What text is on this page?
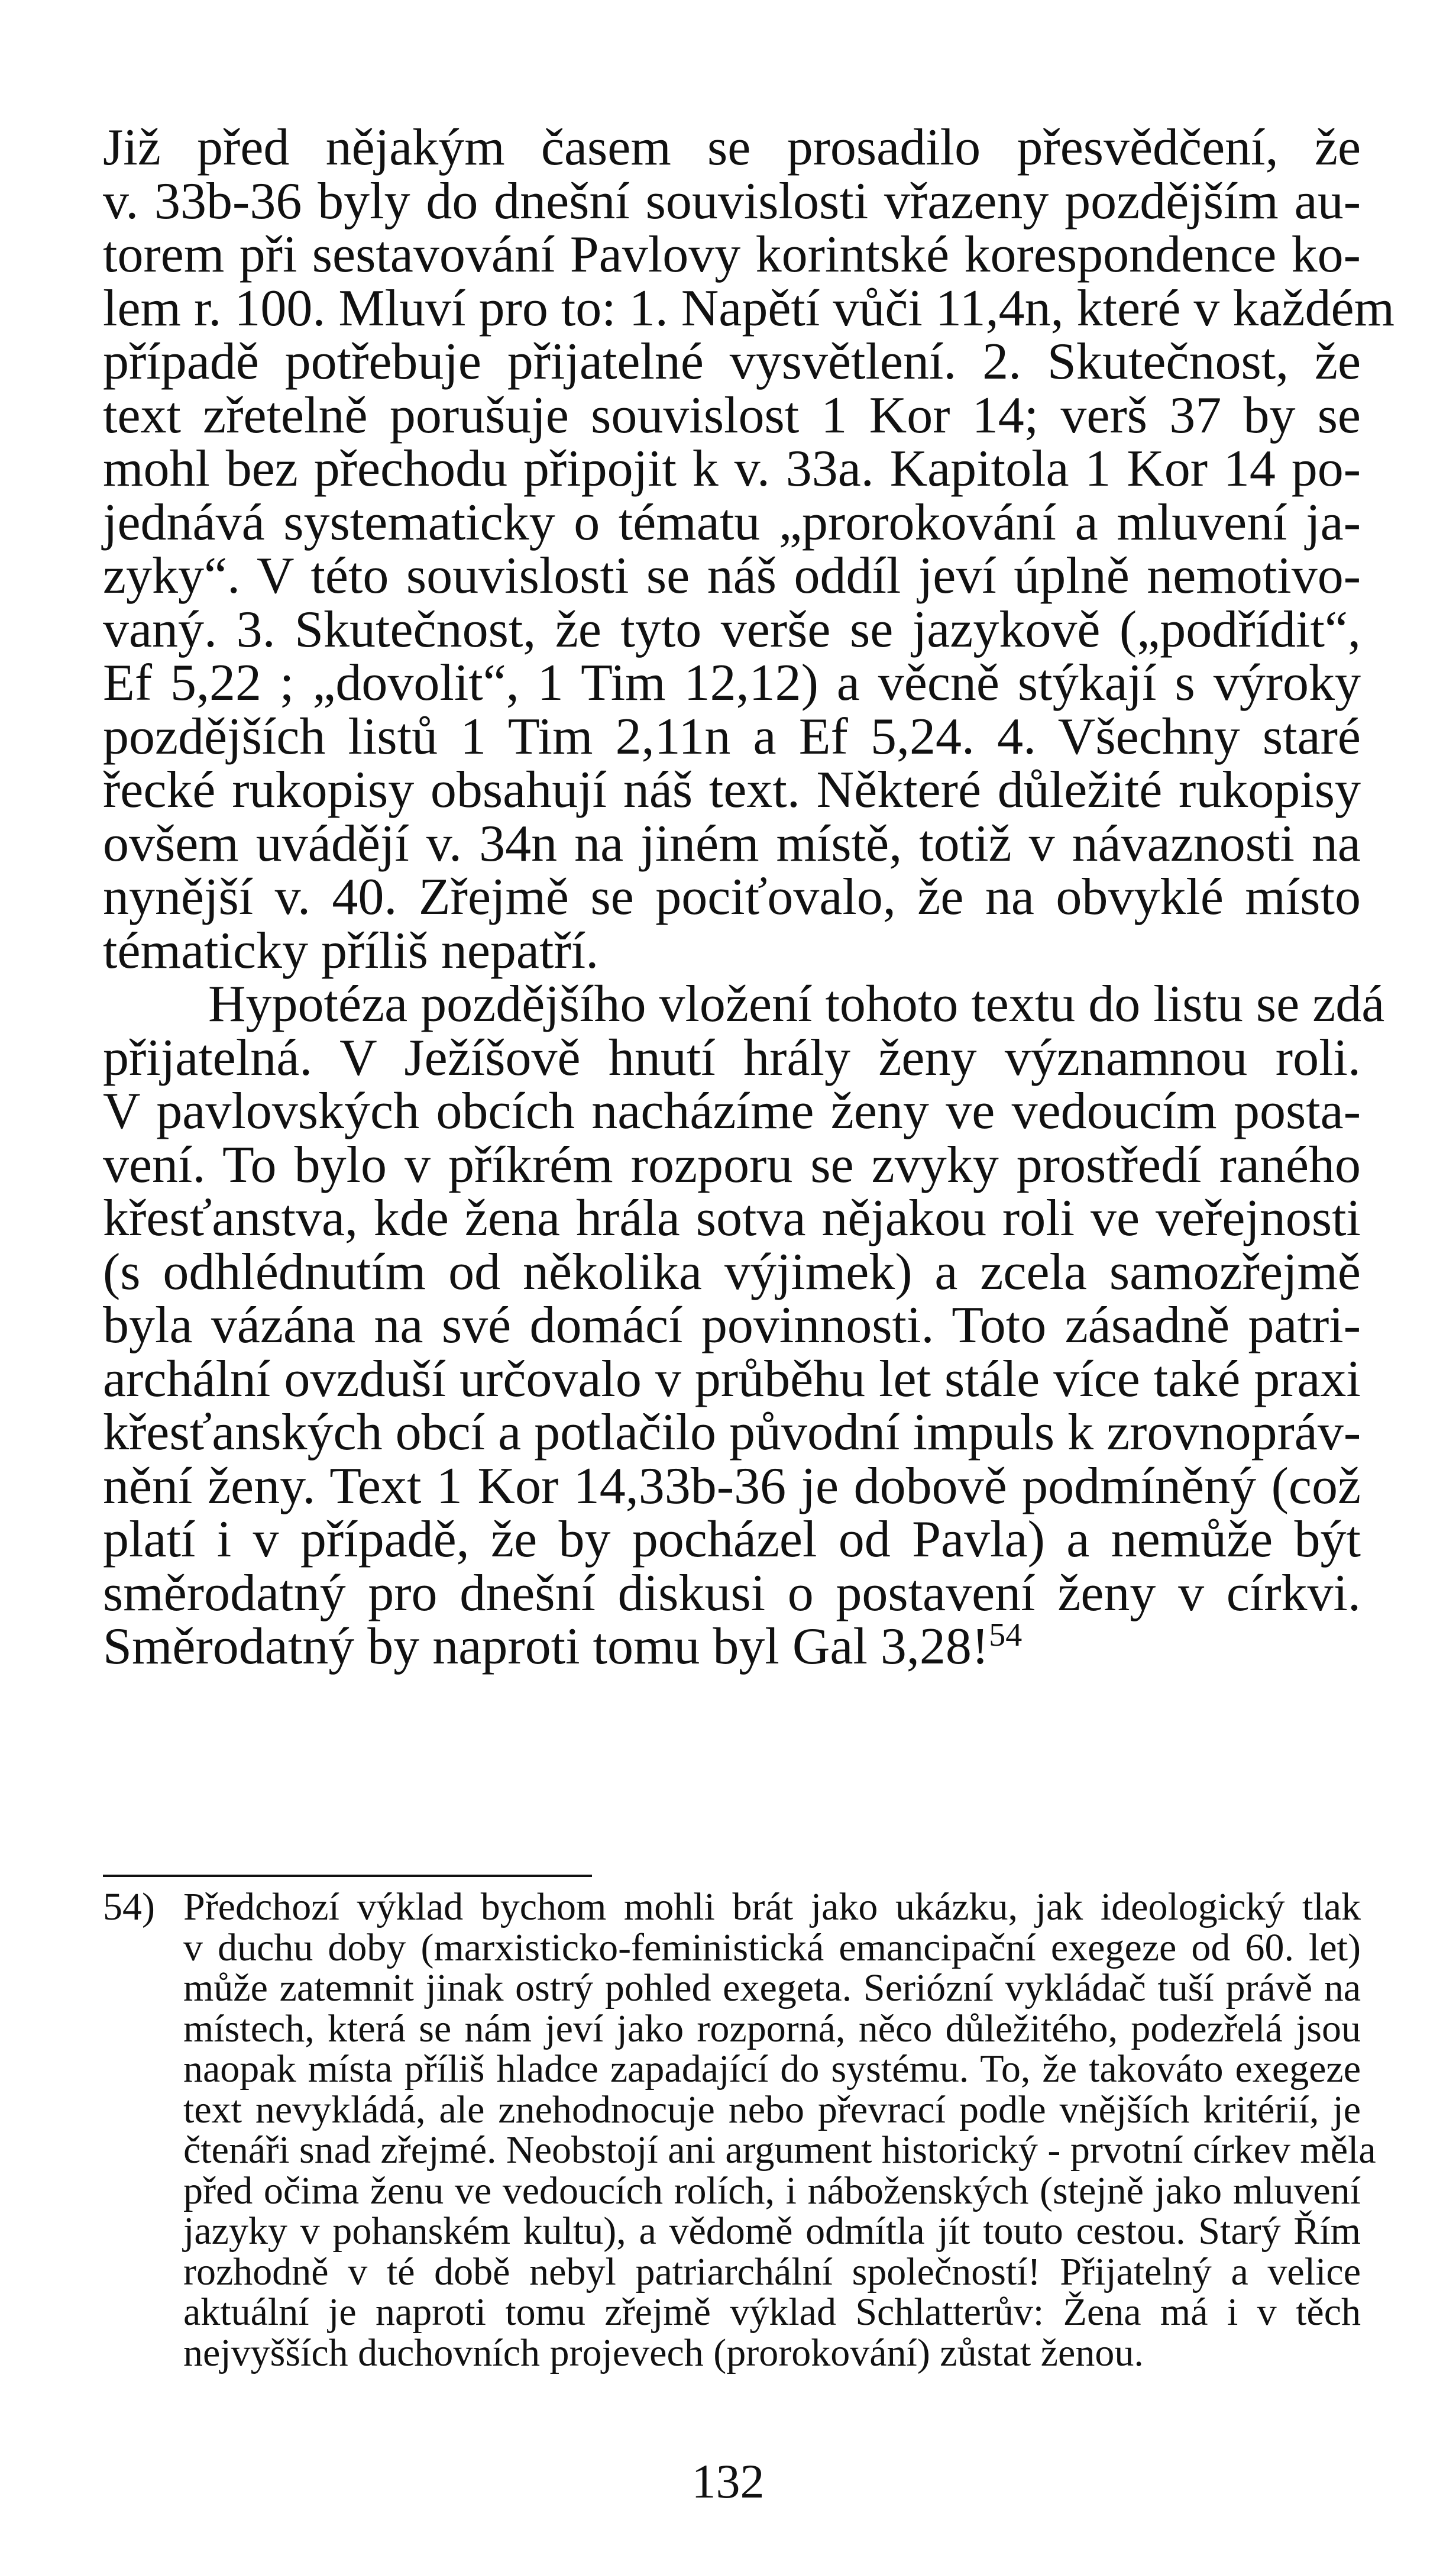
Již před nějakým časem se prosadilo přesvědčení, že
v. 33b-36 byly do dnešní souvislosti vřazeny pozdějším au-
torem při sestavování Pavlovy korintské korespondence ko-
lem r. 100. Mluví pro to: 1. Napětí vůči 11,4n, které v každém
případě potřebuje přijatelné vysvětlení. 2. Skutečnost, že
text zřetelně porušuje souvislost 1 Kor 14; verš 37 by se
mohl bez přechodu připojit k v. 33a. Kapitola 1 Kor 14 po-
jednává systematicky o tématu „prorokování a mluvení ja-
zyky“. V této souvislosti se náš oddíl jeví úplně nemotivo-
vaný. 3. Skutečnost, že tyto verše se jazykově („podřídit“,
Ef 5,22 ; „dovolit“, 1 Tim 12,12) a věcně stýkají s výroky
pozdějších listů 1 Tim 2,11n a Ef 5,24. 4. Všechny staré
řecké rukopisy obsahují náš text. Některé důležité rukopisy
ovšem uvádějí v. 34n na jiném místě, totiž v návaznosti na
nynější v. 40. Zřejmě se pociťovalo, že na obvyklé místo
tématicky příliš nepatří.
Hypotéza pozdějšího vložení tohoto textu do listu se zdá
přijatelná. V Ježíšově hnutí hrály ženy významnou roli.
V pavlovských obcích nacházíme ženy ve vedoucím posta-
vení. To bylo v příkrém rozporu se zvyky prostředí raného
křesťanstva, kde žena hrála sotva nějakou roli ve veřejnosti
(s odhlédnutím od několika výjimek) a zcela samozřejmě
byla vázána na své domácí povinnosti. Toto zásadně patri-
archální ovzduší určovalo v průběhu let stále více také praxi
křesťanských obcí a potlačilo původní impuls k zrovnopráv-
nění ženy. Text 1 Kor 14,33b-36 je dobově podmíněný (což
platí i v případě, že by pocházel od Pavla) a nemůže být
směrodatný pro dnešní diskusi o postavení ženy v církvi.
Směrodatný by naproti tomu byl Gal 3,28!$^{54}$
54) Předchozí výklad bychom mohli brát jako ukázku, jak ideologický tlak
v duchu doby (marxisticko-feministická emancipační exegeze od 60. let)
může zatemnit jinak ostrý pohled exegeta. Seriózní vykládač tuší právě na
místech, která se nám jeví jako rozporná, něco důležitého, podezřelá jsou
naopak místa příliš hladce zapadající do systému. To, že takováto exegeze
text nevykládá, ale znehodnocuje nebo převrací podle vnějších kritérií, je
čtenáři snad zřejmé. Neobstojí ani argument historický - prvotní církev měla
před očima ženu ve vedoucích rolích, i náboženských (stejně jako mluvení
jazyky v pohanském kultu), a vědomě odmítla jít touto cestou. Starý Řím
rozhodně v té době nebyl patriarchální společností! Přijatelný a velice
aktuální je naproti tomu zřejmě výklad Schlatterův: Žena má i v těch
nejvyšších duchovních projevech (prorokování) zůstat ženou.
132
